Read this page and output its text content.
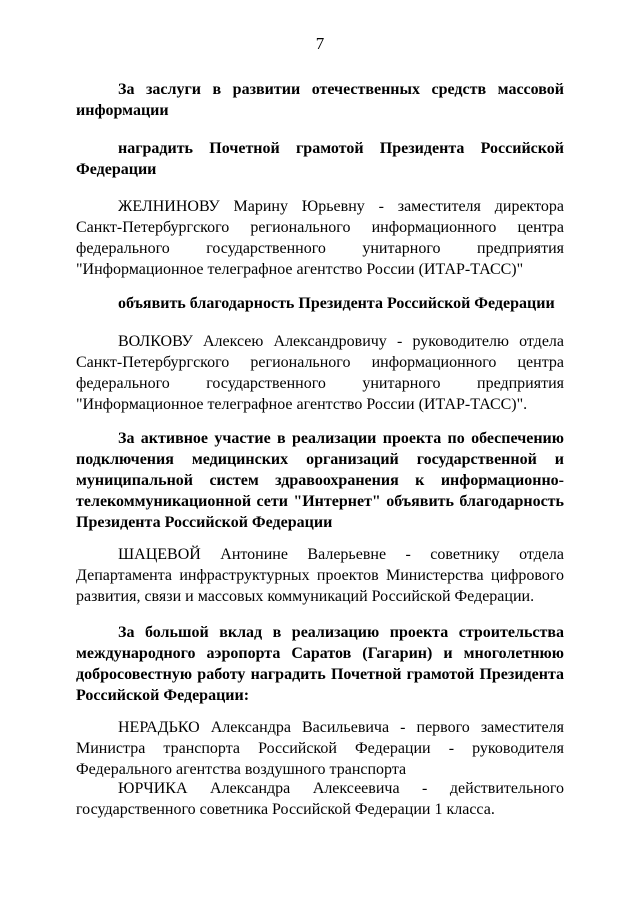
7

За заслуги в развитии отечественных средств массовой информации

наградить Почетной грамотой Президента Российской Федерации

ЖЕЛНИНОВУ Марину Юрьевну - заместителя директора Санкт-Петербургского регионального информационного центра федерального государственного унитарного предприятия "Информационное телеграфное агентство России (ИТАР-ТАСС)"

объявить благодарность Президента Российской Федерации

ВОЛКОВУ Алексею Александровичу - руководителю отдела Санкт-Петербургского регионального информационного центра федерального государственного унитарного предприятия "Информационное телеграфное агентство России (ИТАР-ТАСС)".

За активное участие в реализации проекта по обеспечению подключения медицинских организаций государственной и муниципальной систем здравоохранения к информационно-телекоммуникационной сети "Интернет" объявить благодарность Президента Российской Федерации

ШАЦЕВОЙ Антонине Валерьевне - советнику отдела Департамента инфраструктурных проектов Министерства цифрового развития, связи и массовых коммуникаций Российской Федерации.

За большой вклад в реализацию проекта строительства международного аэропорта Саратов (Гагарин) и многолетнюю добросовестную работу наградить Почетной грамотой Президента Российской Федерации:

НЕРАДЬКО Александра Васильевича - первого заместителя Министра транспорта Российской Федерации - руководителя Федерального агентства воздушного транспорта

ЮРЧИКА Александра Алексеевича - действительного государственного советника Российской Федерации 1 класса.
